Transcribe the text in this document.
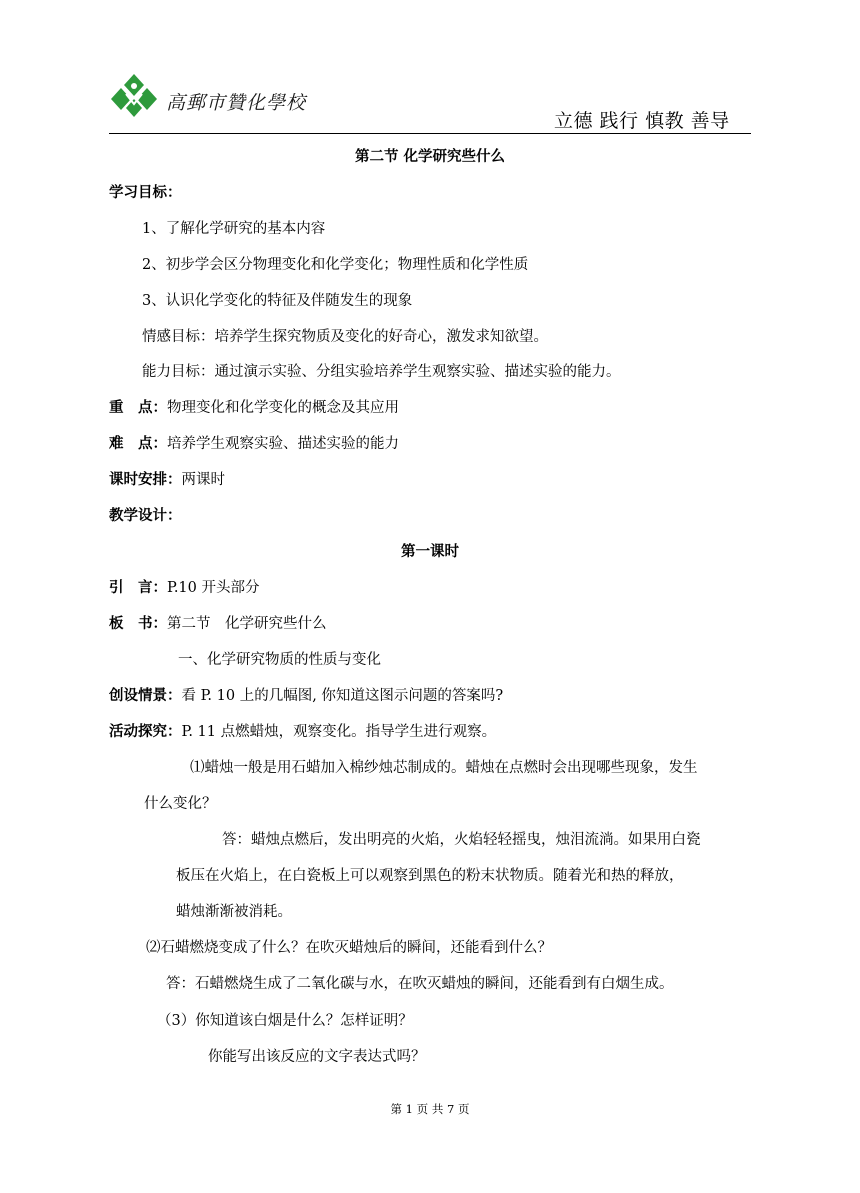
高郵市贊化學校
立德 践行 慎教 善导
第二节 化学研究些什么
学习目标：
1、了解化学研究的基本内容
2、初步学会区分物理变化和化学变化；物理性质和化学性质
3、认识化学变化的特征及伴随发生的现象
情感目标：培养学生探究物质及变化的好奇心，激发求知欲望。
能力目标：通过演示实验、分组实验培养学生观察实验、描述实验的能力。
重　点：物理变化和化学变化的概念及其应用
难　点：培养学生观察实验、描述实验的能力
课时安排：两课时
教学设计：
第一课时
引　言：P.10 开头部分
板　书：第二节　化学研究些什么
一、化学研究物质的性质与变化
创设情景：看 P. 10 上的几幅图, 你知道这图示问题的答案吗?
活动探究：P. 11 点燃蜡烛，观察变化。指导学生进行观察。
⑴蜡烛一般是用石蜡加入棉纱烛芯制成的。蜡烛在点燃时会出现哪些现象，发生
什么变化？
答：蜡烛点燃后，发出明亮的火焰，火焰轻轻摇曳，烛泪流淌。如果用白瓷
板压在火焰上，在白瓷板上可以观察到黑色的粉末状物质。随着光和热的释放，
蜡烛渐渐被消耗。
⑵石蜡燃烧变成了什么？在吹灭蜡烛后的瞬间，还能看到什么？
答：石蜡燃烧生成了二氧化碳与水，在吹灭蜡烛的瞬间，还能看到有白烟生成。
（3）你知道该白烟是什么？怎样证明？
你能写出该反应的文字表达式吗？
第 1 页 共 7 页
